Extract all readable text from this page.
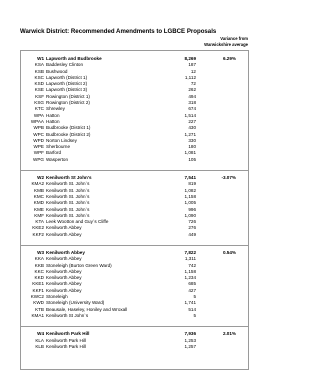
Warwick District: Recommended Amendments to LGBCE Proposals
Variance from
Warwickshire average
W1 Lapworth and Budbrooke	8,269	6.29%
KSA Baddesley Clinton	187
KSB Bushwood	12
KSC Lapworth (District 1)	1,112
KSD Lapworth (District 2)	72
KSE Lapworth (District 3)	262
KSF Rowington (District 1)	494
KSG Rowington (District 2)	318
KTC Shrewley	674
WPA Hatton	1,514
WPAA Hatton	227
WPB Budbrooke (District 1)	430
WPC Budbrooke (District 2)	1,271
WPD Norton Lindsey	330
WPE Sherbourne	180
WPF Barford	1,081
WPG Wasperton	105
W2 Kenilworth St John's	7,541	-3.07%
KMA2 Kenilworth St. John`s	819
KMB Kenilworth St. John`s	1,082
KMC Kenilworth St. John`s	1,158
KMD Kenilworth St. John`s	1,005
KME Kenilworth St. John`s	996
KMF Kenilworth St. John`s	1,090
KTA Leek Wootton and Guy`s Cliffe	726
KKE2 Kenilworth Abbey	276
KKF2 Kenilworth Abbey	449
W3 Kenilworth Abbey	7,822	0.54%
KKA Kenilworth Abbey	1,311
KKB Stoneleigh (Burton Green Ward)	742
KKC Kenilworth Abbey	1,158
KKD Kenilworth Abbey	1,234
KKE1 Kenilworth Abbey	685
KKF1 Kenilworth Abbey	427
KWC2 Stoneleigh	5
KWD Stoneleigh (University Ward)	1,741
KTB Beausale, Haseley, Honiley and Wroxall	514
KMA1 Kenilworth St John`s	5
W4 Kenilworth Park Hill	7,936	2.01%
KLA Kenilworth Park Hill	1,253
KLB Kenilworth Park Hill	1,257
